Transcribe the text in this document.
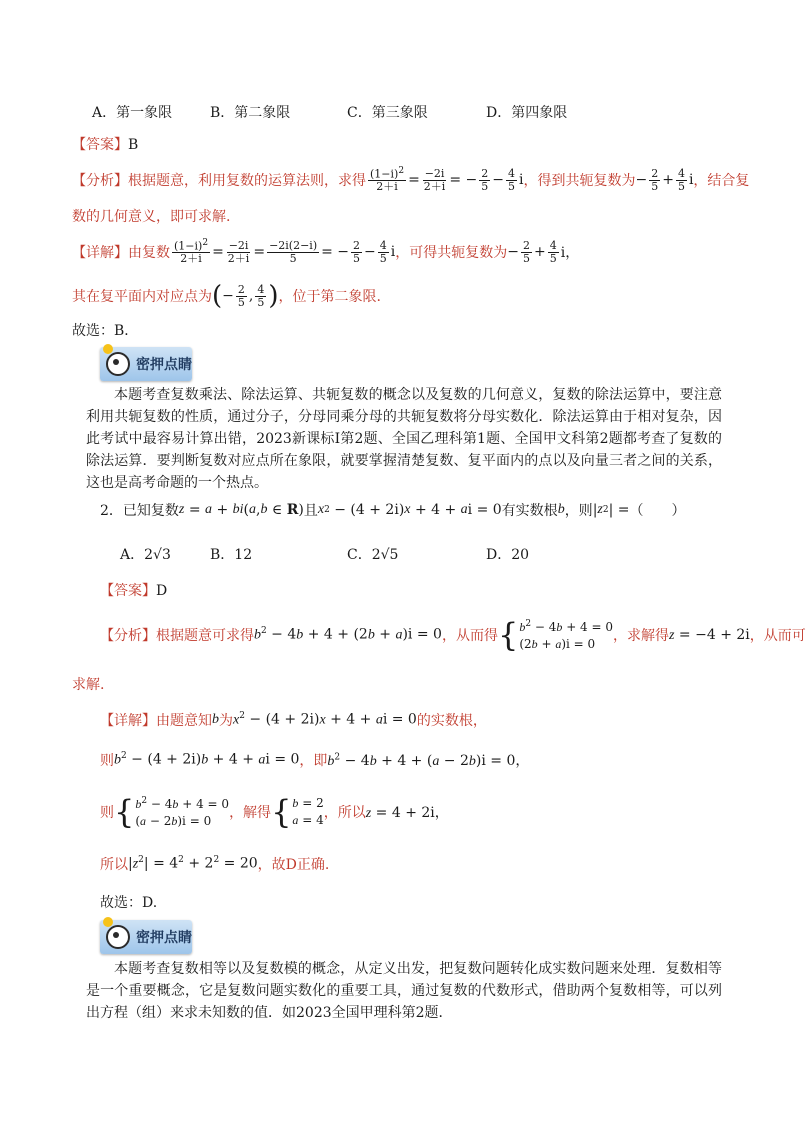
A．第一象限	B．第二象限	C．第三象限	D．第四象限
【答案】B
【分析】 根据题意，利用复数的运算法则，求得 $\frac{(1-i)^2}{2+i} = \frac{-2i}{2+i}$ = − $\frac{2}{5} - \frac{4}{5}$ i ，得到共轭复数为 − $\frac{2}{5} + \frac{4}{5}$ i ，结合复
数的几何意义，即可求解.
【详解】 由复数 $\frac{(1-i)^2}{2+i} = \frac{-2i}{2+i} = \frac{-2i(2-i)}{5}$ = − $\frac{2}{5} - \frac{4}{5}$ i ，可得共轭复数为 − $\frac{2}{5} + \frac{4}{5}$ i，
其在复平面内对应点为 ( − $\frac{2}{5}$ , $\frac{4}{5}$ ) ，位于第二象限.
故选：B．
密押点睛
本题考查复数乘法、除法运算、共轭复数的概念以及复数的几何意义，复数的除法运算中，要注意利用共轭复数的性质，通过分子，分母同乘分母的共轭复数将分母实数化．除法运算由于相对复杂，因此考试中最容易计算出错，2023新课标Ⅰ第2题、全国乙理科第1题、全国甲文科第2题都考查了复数的除法运算．要判断复数对应点所在象限，就要掌握清楚复数、复平面内的点以及向量三者之间的关系，这也是高考命题的一个热点。
2．已知复数 z = a + bi ( a , b ∈ R ) 且 x 2 − (4 + 2i) x + 4 + a i = 0 有实数根 b ，则 | z 2 | = （　　）
A．2√3	B．12	C．2√5	D．20
【答案】D
【分析】 根据题意可求得 $b^2 - 4b + 4 + (2b + a)i = 0$ ，从而得 { $b^2 - 4b + 4 = 0$
(2b + a)i = 0	，求解得 z = −4 + 2i ，从而可
求解.
【详解】 由题意知 b 为 $x^2 - (4 + 2i)x + 4$ + ai = 0 的实数根，
则 $b^2 - (4 + 2i)b + 4$ + ai = 0 ，即 $b^2 - 4b + 4 + (a - 2b)i = 0$，
则 { $b^2 - 4b + 4 = 0$
(a − 2b)i = 0	，解得 { b = 2
a = 4 ，所以 z = 4 + 2i，
所以 $|z^2| = 4^2 + 2^2 = 20$ ，故D正确.
故选：D.
密押点睛
本题考查复数相等以及复数模的概念，从定义出发，把复数问题转化成实数问题来处理．复数相等是一个重要概念，它是复数问题实数化的重要工具，通过复数的代数形式，借助两个复数相等，可以列出方程（组）来求未知数的值．如2023全国甲理科第2题．
